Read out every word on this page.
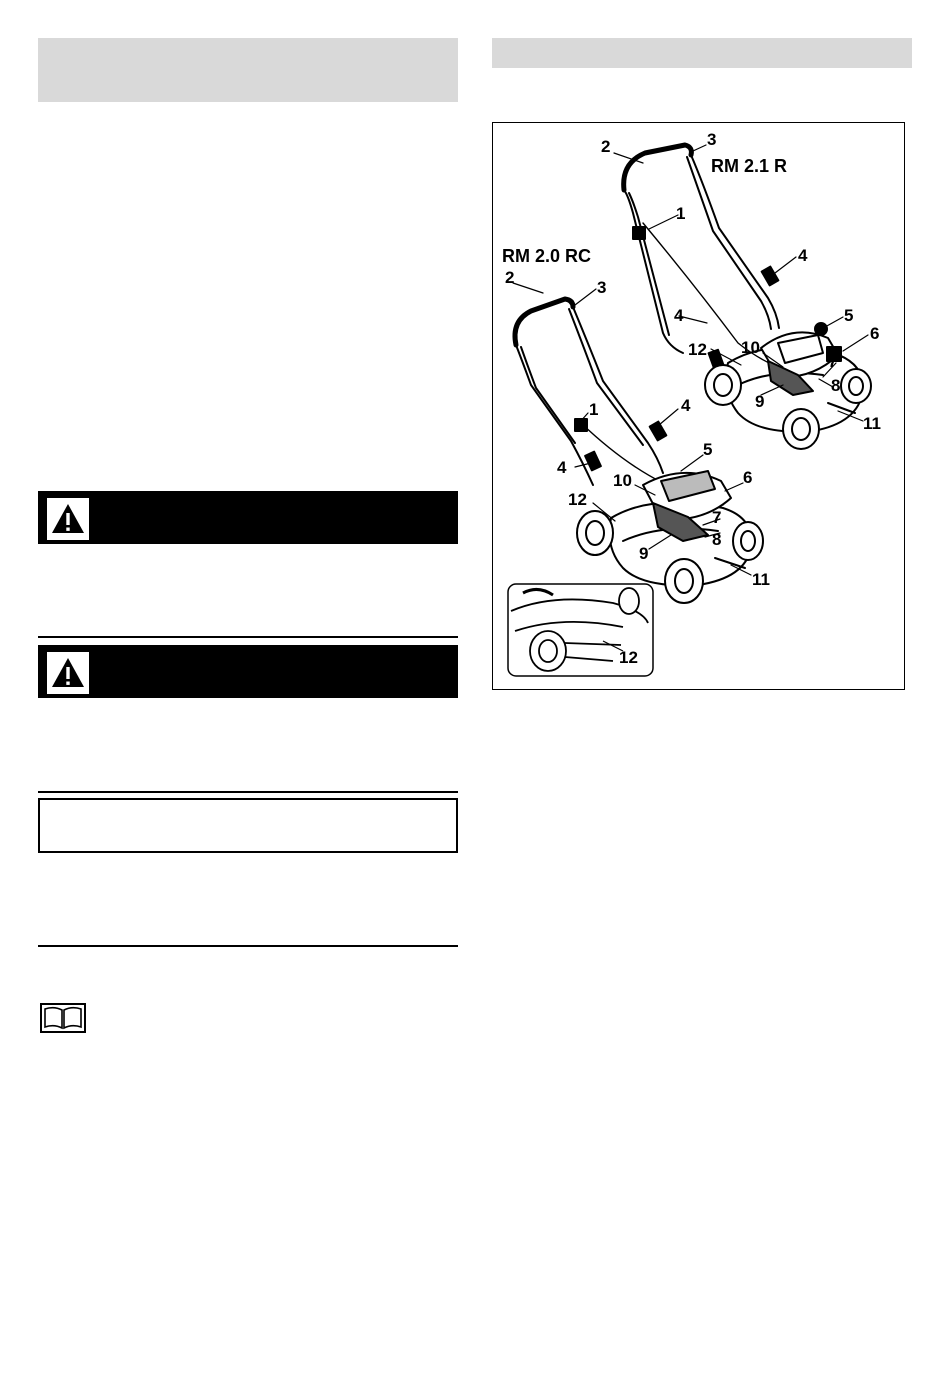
RM 2.1 R
RM 2.0 RC
2	3
1
4
4	5
6
12 10
7
8
9
11
2
3
1	4
4
5
6
10
12
7
8
9
11
12
